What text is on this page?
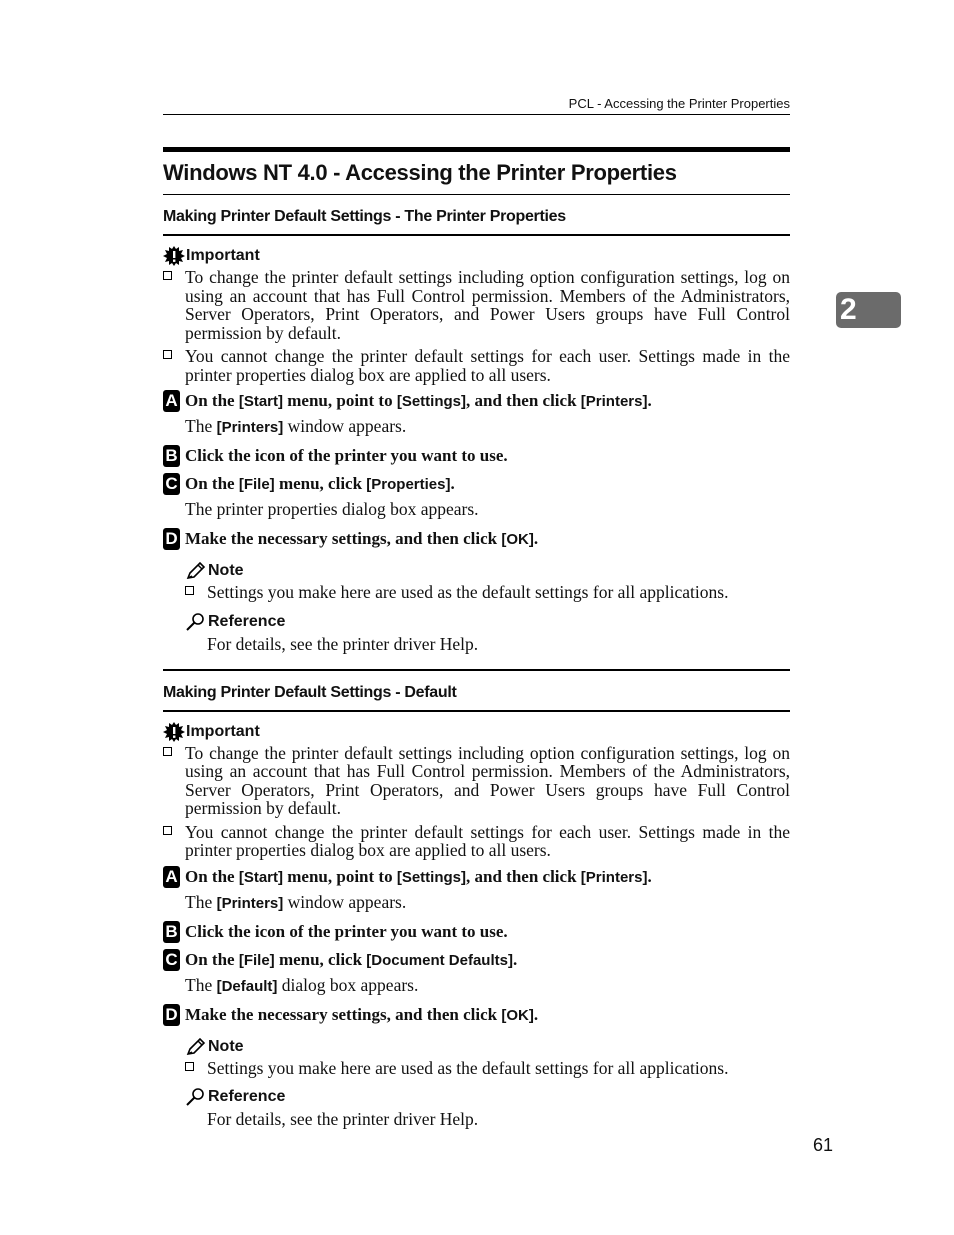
PCL - Accessing the Printer Properties
2
61
Windows NT 4.0 - Accessing the Printer Properties
Making Printer Default Settings - The Printer Properties
Important
To change the printer default settings including option configuration settings, log on using an account that has Full Control permission. Members of the Administrators, Server Operators, Print Operators, and Power Users groups have Full Control permission by default.
You cannot change the printer default settings for each user. Settings made in the printer properties dialog box are applied to all users.
A On the [Start] menu, point to [Settings], and then click [Printers].
The [Printers] window appears.
B Click the icon of the printer you want to use.
C On the [File] menu, click [Properties].
The printer properties dialog box appears.
D Make the necessary settings, and then click [OK].
Note
Settings you make here are used as the default settings for all applications.
Reference
For details, see the printer driver Help.
Making Printer Default Settings - Default
Important
To change the printer default settings including option configuration settings, log on using an account that has Full Control permission. Members of the Administrators, Server Operators, Print Operators, and Power Users groups have Full Control permission by default.
You cannot change the printer default settings for each user. Settings made in the printer properties dialog box are applied to all users.
A On the [Start] menu, point to [Settings], and then click [Printers].
The [Printers] window appears.
B Click the icon of the printer you want to use.
C On the [File] menu, click [Document Defaults].
The [Default] dialog box appears.
D Make the necessary settings, and then click [OK].
Note
Settings you make here are used as the default settings for all applications.
Reference
For details, see the printer driver Help.
